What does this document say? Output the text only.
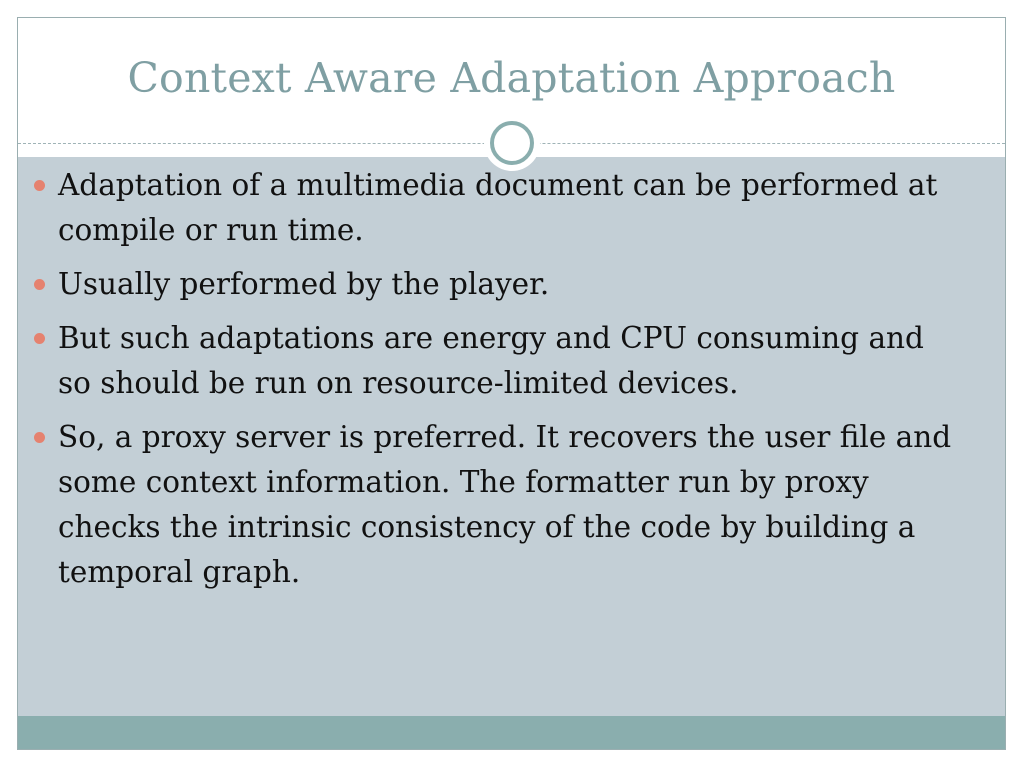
Context Aware Adaptation Approach
Adaptation of a multimedia document can be performed at compile or run time.
Usually performed by the player.
But such adaptations are energy and CPU consuming and so should be run on resource-limited devices.
So, a proxy server is preferred. It recovers the user file and some context information. The formatter run by proxy checks the intrinsic consistency of the code by building a temporal graph.
